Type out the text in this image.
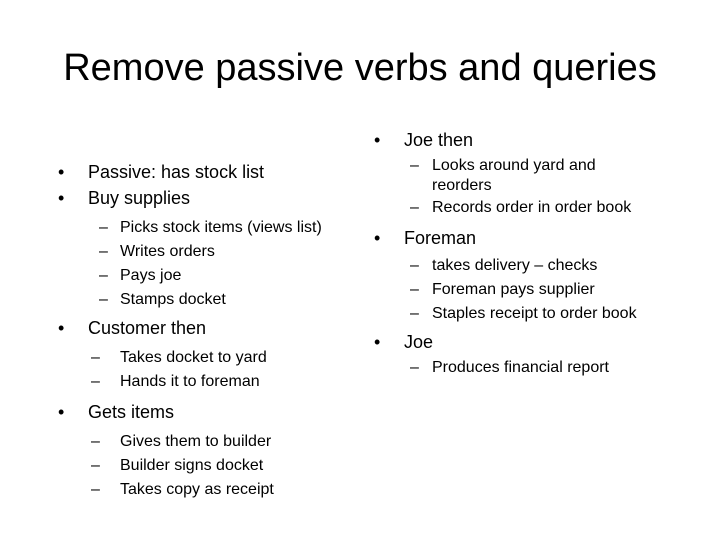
Remove passive verbs and queries
• Passive: has stock list
• Buy supplies
– Picks stock items (views list)
– Writes orders
– Pays joe
– Stamps docket
• Customer then
– Takes docket to yard
– Hands it to foreman
• Gets items
– Gives them to builder
– Builder signs docket
– Takes copy as receipt
• Joe then
– Looks around yard and reorders
– Records order in order book
• Foreman
– takes delivery – checks
– Foreman pays supplier
– Staples receipt to order book
• Joe
– Produces financial report
